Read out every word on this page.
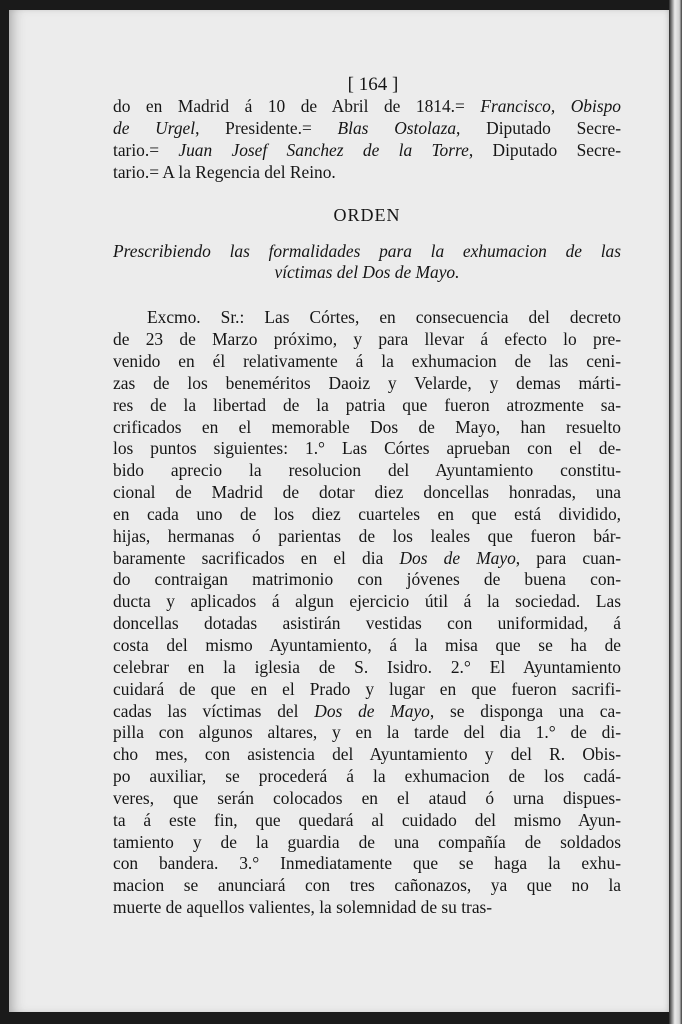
[ 164 ]
do en Madrid á 10 de Abril de 1814.= Francisco, Obispo
de Urgel, Presidente.= Blas Ostolaza, Diputado Secre-
tario.= Juan Josef Sanchez de la Torre, Diputado Secre-
tario.= A la Regencia del Reino.
ORDEN
Prescribiendo las formalidades para la exhumacion de las
víctimas del Dos de Mayo.
Excmo. Sr.: Las Córtes, en consecuencia del decreto
de 23 de Marzo próximo, y para llevar á efecto lo pre-
venido en él relativamente á la exhumacion de las ceni-
zas de los beneméritos Daoiz y Velarde, y demas márti-
res de la libertad de la patria que fueron atrozmente sa-
crificados en el memorable Dos de Mayo, han resuelto
los puntos siguientes: 1.° Las Córtes aprueban con el de-
bido aprecio la resolucion del Ayuntamiento constitu-
cional de Madrid de dotar diez doncellas honradas, una
en cada uno de los diez cuarteles en que está dividido,
hijas, hermanas ó parientas de los leales que fueron bár-
baramente sacrificados en el dia Dos de Mayo, para cuan-
do contraigan matrimonio con jóvenes de buena con-
ducta y aplicados á algun ejercicio útil á la sociedad. Las
doncellas dotadas asistirán vestidas con uniformidad, á
costa del mismo Ayuntamiento, á la misa que se ha de
celebrar en la iglesia de S. Isidro. 2.° El Ayuntamiento
cuidará de que en el Prado y lugar en que fueron sacrifi-
cadas las víctimas del Dos de Mayo, se disponga una ca-
pilla con algunos altares, y en la tarde del dia 1.° de di-
cho mes, con asistencia del Ayuntamiento y del R. Obis-
po auxiliar, se procederá á la exhumacion de los cadá-
veres, que serán colocados en el ataud ó urna dispues-
ta á este fin, que quedará al cuidado del mismo Ayun-
tamiento y de la guardia de una compañía de soldados
con bandera. 3.° Inmediatamente que se haga la exhu-
macion se anunciará con tres cañonazos, ya que no la
muerte de aquellos valientes, la solemnidad de su tras-
